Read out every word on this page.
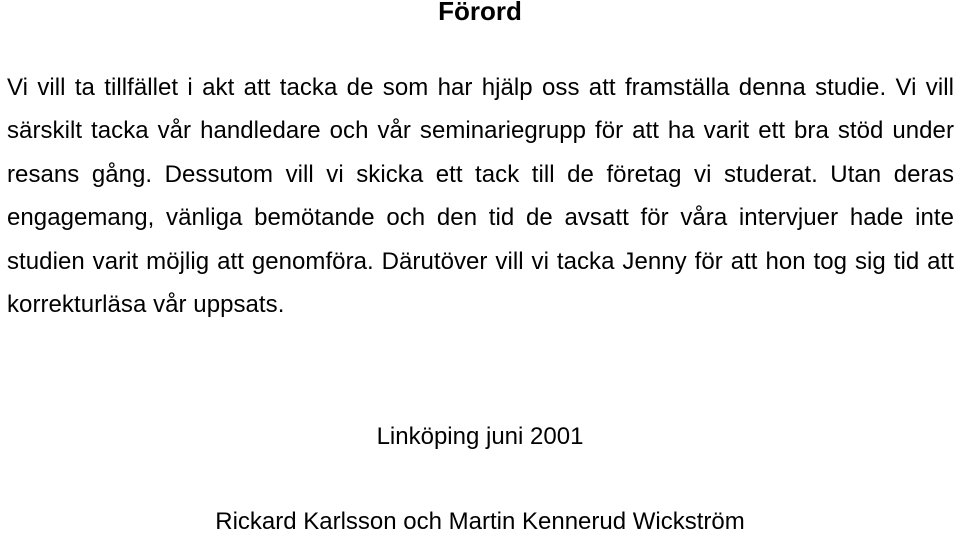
Förord

Vi vill ta tillfället i akt att tacka de som har hjälp oss att framställa denna studie. Vi vill särskilt tacka vår handledare och vår seminariegrupp för att ha varit ett bra stöd under resans gång. Dessutom vill vi skicka ett tack till de företag vi studerat. Utan deras engagemang, vänliga bemötande och den tid de avsatt för våra intervjuer hade inte studien varit möjlig att genomföra. Därutöver vill vi tacka Jenny för att hon tog sig tid att korrekturläsa vår uppsats.

Linköping juni 2001

Rickard Karlsson och Martin Kennerud Wickström
